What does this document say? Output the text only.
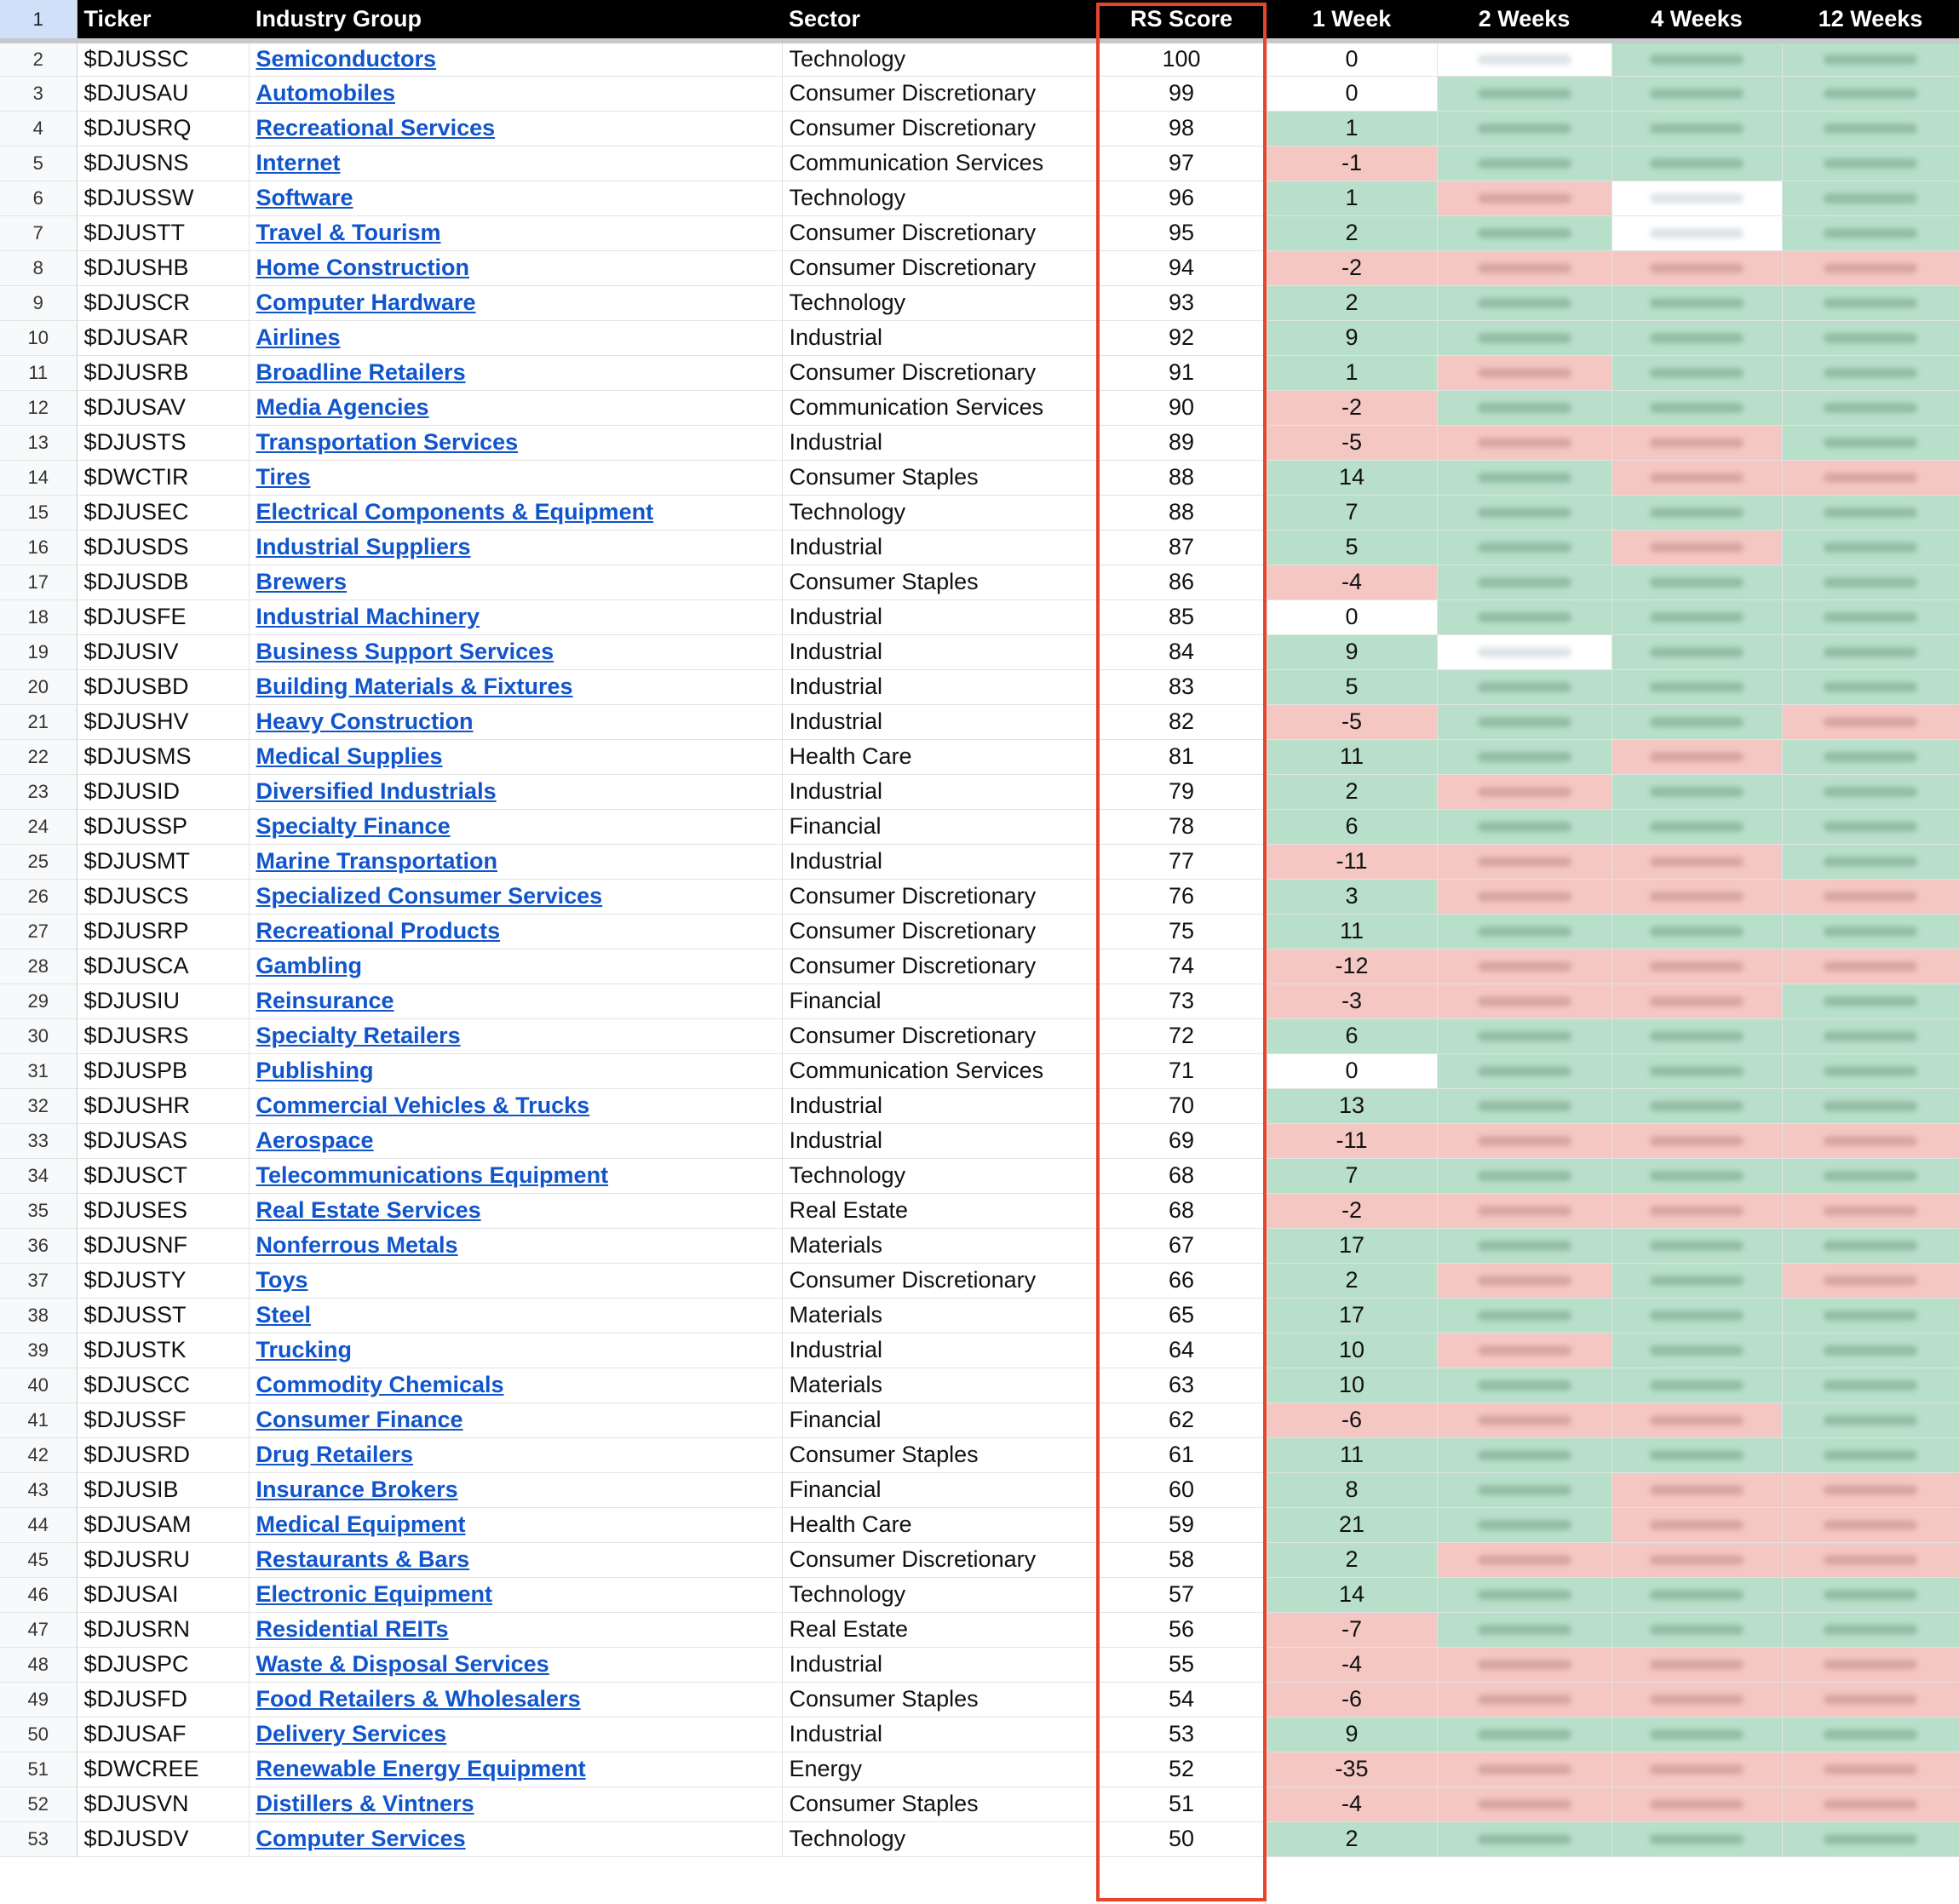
1	Ticker	Industry Group	Sector	RS Score	1 Week	2 Weeks	4 Weeks	12 Weeks
2	$DJUSSC	Semiconductors	Technology	100	0	

3	$DJUSAU	Automobiles	Consumer Discretionary	99	0	

4	$DJUSRQ	Recreational Services	Consumer Discretionary	98	1	

5	$DJUSNS	Internet	Communication Services	97	-1	

6	$DJUSSW	Software	Technology	96	1	

7	$DJUSTT	Travel & Tourism	Consumer Discretionary	95	2	

8	$DJUSHB	Home Construction	Consumer Discretionary	94	-2	

9	$DJUSCR	Computer Hardware	Technology	93	2	

10	$DJUSAR	Airlines	Industrial	92	9	

11	$DJUSRB	Broadline Retailers	Consumer Discretionary	91	1	

12	$DJUSAV	Media Agencies	Communication Services	90	-2	

13	$DJUSTS	Transportation Services	Industrial	89	-5	

14	$DWCTIR	Tires	Consumer Staples	88	14	

15	$DJUSEC	Electrical Components & Equipment	Technology	88	7	

16	$DJUSDS	Industrial Suppliers	Industrial	87	5	

17	$DJUSDB	Brewers	Consumer Staples	86	-4	

18	$DJUSFE	Industrial Machinery	Industrial	85	0	

19	$DJUSIV	Business Support Services	Industrial	84	9	

20	$DJUSBD	Building Materials & Fixtures	Industrial	83	5	

21	$DJUSHV	Heavy Construction	Industrial	82	-5	

22	$DJUSMS	Medical Supplies	Health Care	81	11	

23	$DJUSID	Diversified Industrials	Industrial	79	2	

24	$DJUSSP	Specialty Finance	Financial	78	6	

25	$DJUSMT	Marine Transportation	Industrial	77	-11	

26	$DJUSCS	Specialized Consumer Services	Consumer Discretionary	76	3	

27	$DJUSRP	Recreational Products	Consumer Discretionary	75	11	

28	$DJUSCA	Gambling	Consumer Discretionary	74	-12	

29	$DJUSIU	Reinsurance	Financial	73	-3	

30	$DJUSRS	Specialty Retailers	Consumer Discretionary	72	6	

31	$DJUSPB	Publishing	Communication Services	71	0	

32	$DJUSHR	Commercial Vehicles & Trucks	Industrial	70	13	

33	$DJUSAS	Aerospace	Industrial	69	-11	

34	$DJUSCT	Telecommunications Equipment	Technology	68	7	

35	$DJUSES	Real Estate Services	Real Estate	68	-2	

36	$DJUSNF	Nonferrous Metals	Materials	67	17	

37	$DJUSTY	Toys	Consumer Discretionary	66	2	

38	$DJUSST	Steel	Materials	65	17	

39	$DJUSTK	Trucking	Industrial	64	10	

40	$DJUSCC	Commodity Chemicals	Materials	63	10	

41	$DJUSSF	Consumer Finance	Financial	62	-6	

42	$DJUSRD	Drug Retailers	Consumer Staples	61	11	

43	$DJUSIB	Insurance Brokers	Financial	60	8	

44	$DJUSAM	Medical Equipment	Health Care	59	21	

45	$DJUSRU	Restaurants & Bars	Consumer Discretionary	58	2	

46	$DJUSAI	Electronic Equipment	Technology	57	14	

47	$DJUSRN	Residential REITs	Real Estate	56	-7	

48	$DJUSPC	Waste & Disposal Services	Industrial	55	-4	

49	$DJUSFD	Food Retailers & Wholesalers	Consumer Staples	54	-6	

50	$DJUSAF	Delivery Services	Industrial	53	9	

51	$DWCREE	Renewable Energy Equipment	Energy	52	-35	

52	$DJUSVN	Distillers & Vintners	Consumer Staples	51	-4	

53	$DJUSDV	Computer Services	Technology	50	2	
